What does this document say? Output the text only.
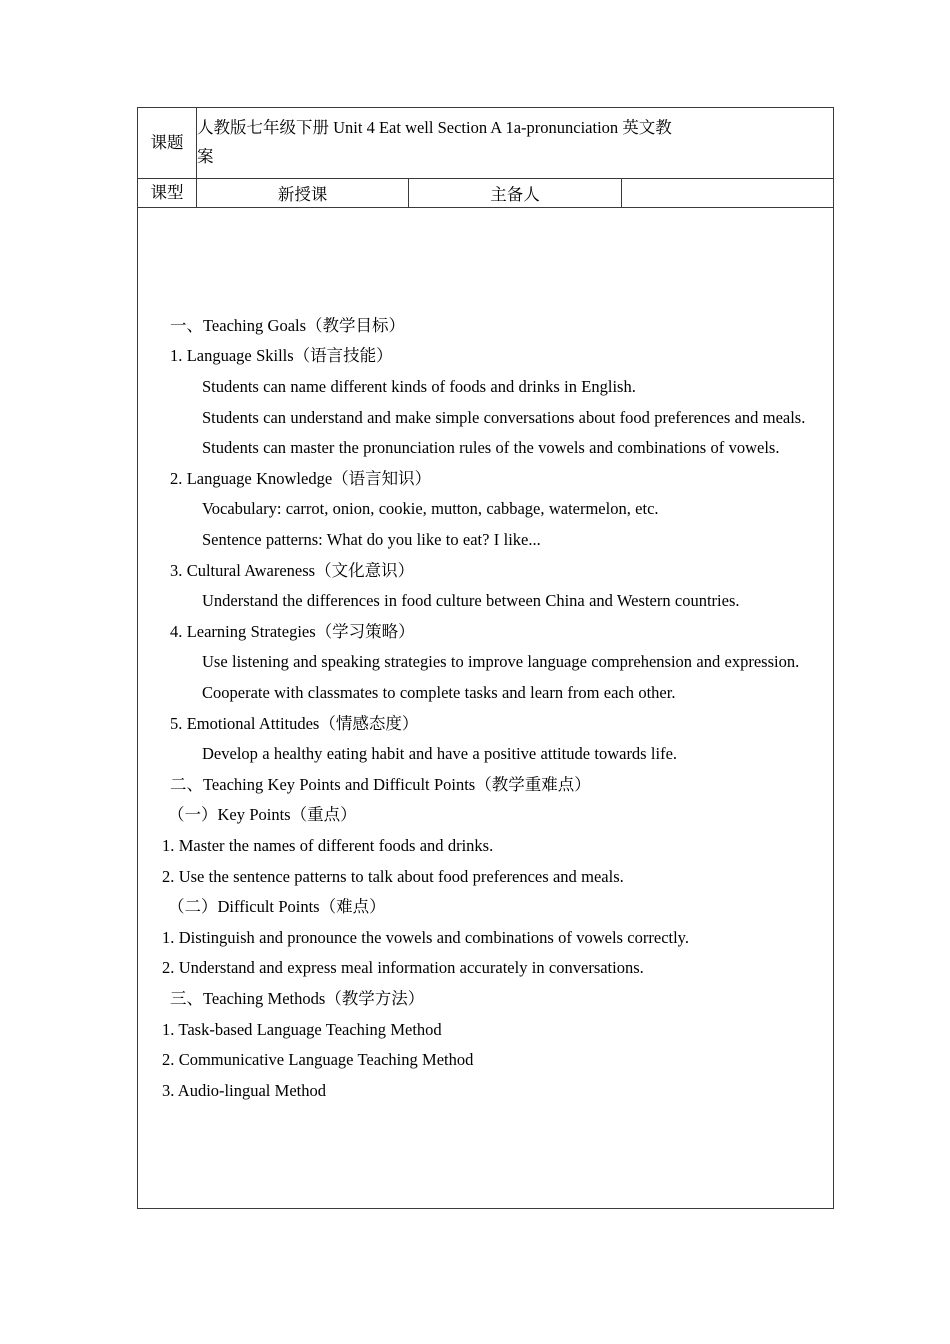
课题	人教版七年级下册 Unit 4 Eat well Section A 1a-pronunciation 英文教
案		

课型	新授课	主备人	

一、Teaching Goals（教学目标）

1. Language Skills（语言技能）

Students can name different kinds of foods and drinks in English.

Students can understand and make simple conversations about food preferences and meals.

Students can master the pronunciation rules of the vowels and combinations of vowels.

2. Language Knowledge（语言知识）

Vocabulary: carrot, onion, cookie, mutton, cabbage, watermelon, etc.

Sentence patterns: What do you like to eat? I like...

3. Cultural Awareness（文化意识）

Understand the differences in food culture between China and Western countries.

4. Learning Strategies（学习策略）

Use listening and speaking strategies to improve language comprehension and expression.

Cooperate with classmates to complete tasks and learn from each other.

5. Emotional Attitudes（情感态度）

Develop a healthy eating habit and have a positive attitude towards life.

二、Teaching Key Points and Difficult Points（教学重难点）

（一）Key Points（重点）

1. Master the names of different foods and drinks.

2. Use the sentence patterns to talk about food preferences and meals.

（二）Difficult Points（难点）

1. Distinguish and pronounce the vowels and combinations of vowels correctly.

2. Understand and express meal information accurately in conversations.

三、Teaching Methods（教学方法）

1. Task-based Language Teaching Method

2. Communicative Language Teaching Method

3. Audio-lingual Method
